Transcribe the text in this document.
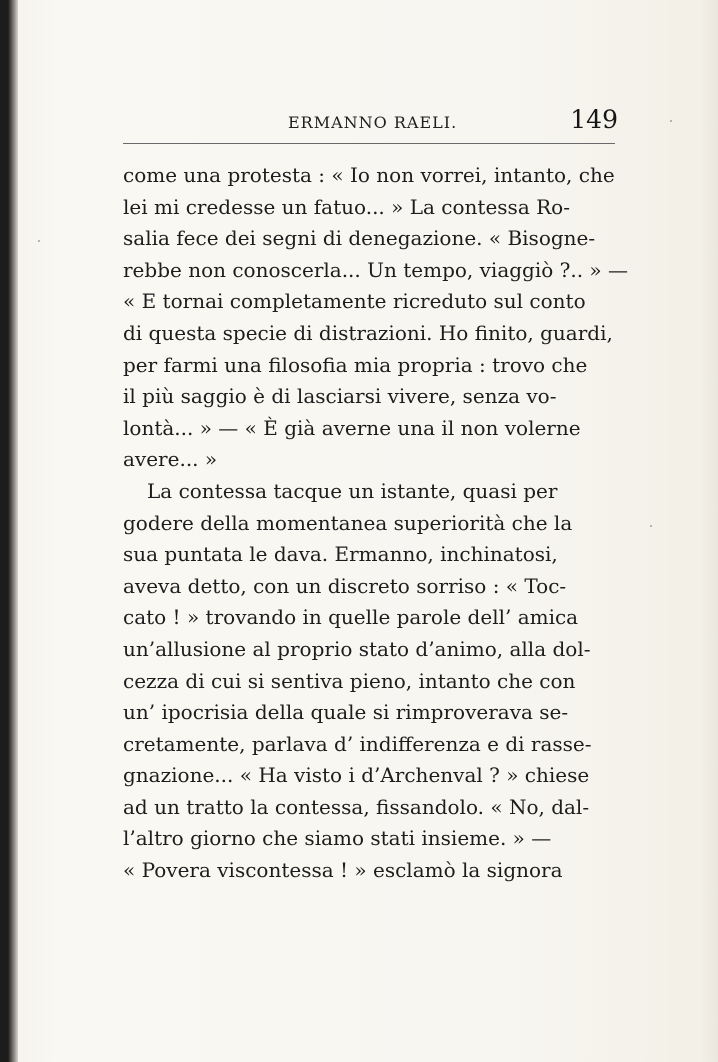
ERMANNO RAELI.	149
come una protesta : « Io non vorrei, intanto, che
lei mi credesse un fatuo... » La contessa Ro-
salia fece dei segni di denegazione. « Bisogne-
rebbe non conoscerla... Un tempo, viaggiò ?.. » —
« E tornai completamente ricreduto sul conto
di questa specie di distrazioni. Ho finito, guardi,
per farmi una filosofia mia propria : trovo che
il più saggio è di lasciarsi vivere, senza vo-
lontà... » — « È già averne una il non volerne
avere... »
La contessa tacque un istante, quasi per
godere della momentanea superiorità che la
sua puntata le dava. Ermanno, inchinatosi,
aveva detto, con un discreto sorriso : « Toc-
cato ! » trovando in quelle parole dell’ amica
un’allusione al proprio stato d’animo, alla dol-
cezza di cui si sentiva pieno, intanto che con
un’ ipocrisia della quale si rimproverava se-
cretamente, parlava d’ indifferenza e di rasse-
gnazione... « Ha visto i d’Archenval ? » chiese
ad un tratto la contessa, fissandolo. « No, dal-
l’altro giorno che siamo stati insieme. » —
« Povera viscontessa ! » esclamò la signora
